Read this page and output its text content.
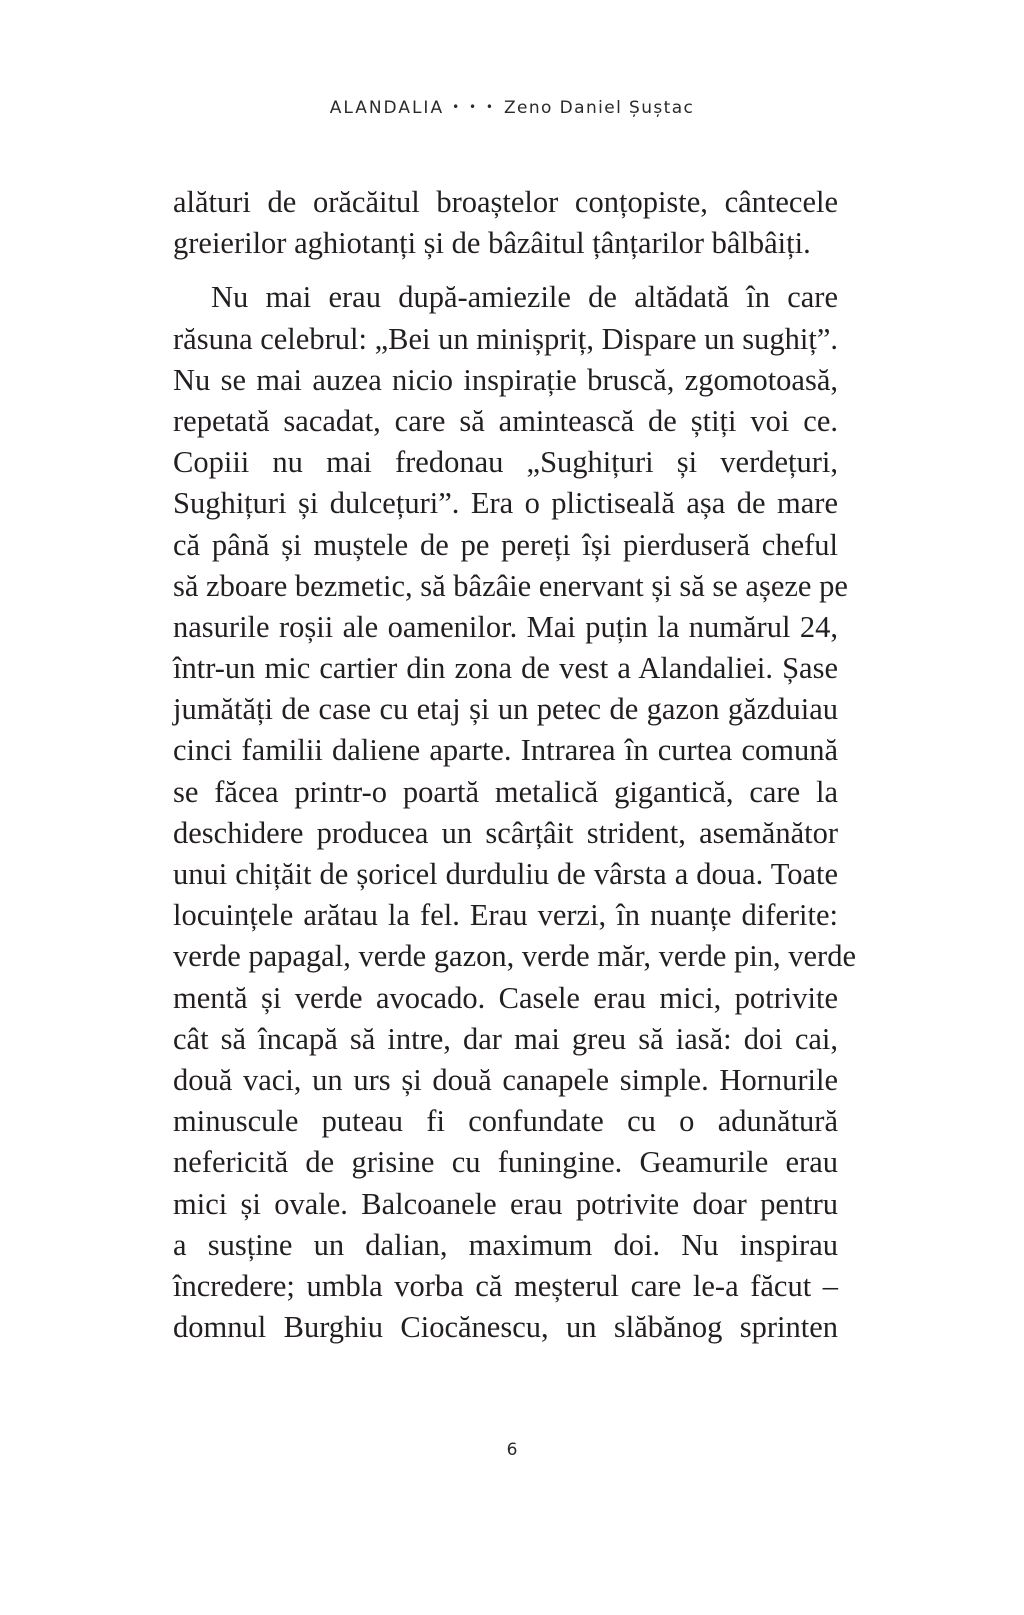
ALANDALIA • • • Zeno Daniel Șuștac
alături de orăcăitul broaștelor conțopiste, cântecele
greierilor aghiotanți și de bâzâitul țânțarilor bâlbâiți.
Nu mai erau după-amiezile de altădată în care
răsuna celebrul: „Bei un minișpriț, Dispare un sughiț”.
Nu se mai auzea nicio inspirație bruscă, zgomotoasă,
repetată sacadat, care să amintească de știți voi ce.
Copiii nu mai fredonau „Sughițuri și verdețuri,
Sughițuri și dulcețuri”. Era o plictiseală așa de mare
că până și muștele de pe pereți își pierduseră cheful
să zboare bezmetic, să bâzâie enervant și să se așeze pe
nasurile roșii ale oamenilor. Mai puțin la numărul 24,
într-un mic cartier din zona de vest a Alandaliei. Șase
jumătăți de case cu etaj și un petec de gazon găzduiau
cinci familii daliene aparte. Intrarea în curtea comună
se făcea printr-o poartă metalică gigantică, care la
deschidere producea un scârțâit strident, asemănător
unui chițăit de șoricel durduliu de vârsta a doua. Toate
locuințele arătau la fel. Erau verzi, în nuanțe diferite:
verde papagal, verde gazon, verde măr, verde pin, verde
mentă și verde avocado. Casele erau mici, potrivite
cât să încapă să intre, dar mai greu să iasă: doi cai,
două vaci, un urs și două canapele simple. Hornurile
minuscule puteau fi confundate cu o adunătură
nefericită de grisine cu funingine. Geamurile erau
mici și ovale. Balcoanele erau potrivite doar pentru
a susține un dalian, maximum doi. Nu inspirau
încredere; umbla vorba că meșterul care le-a făcut –
domnul Burghiu Ciocănescu, un slăbănog sprinten
6
